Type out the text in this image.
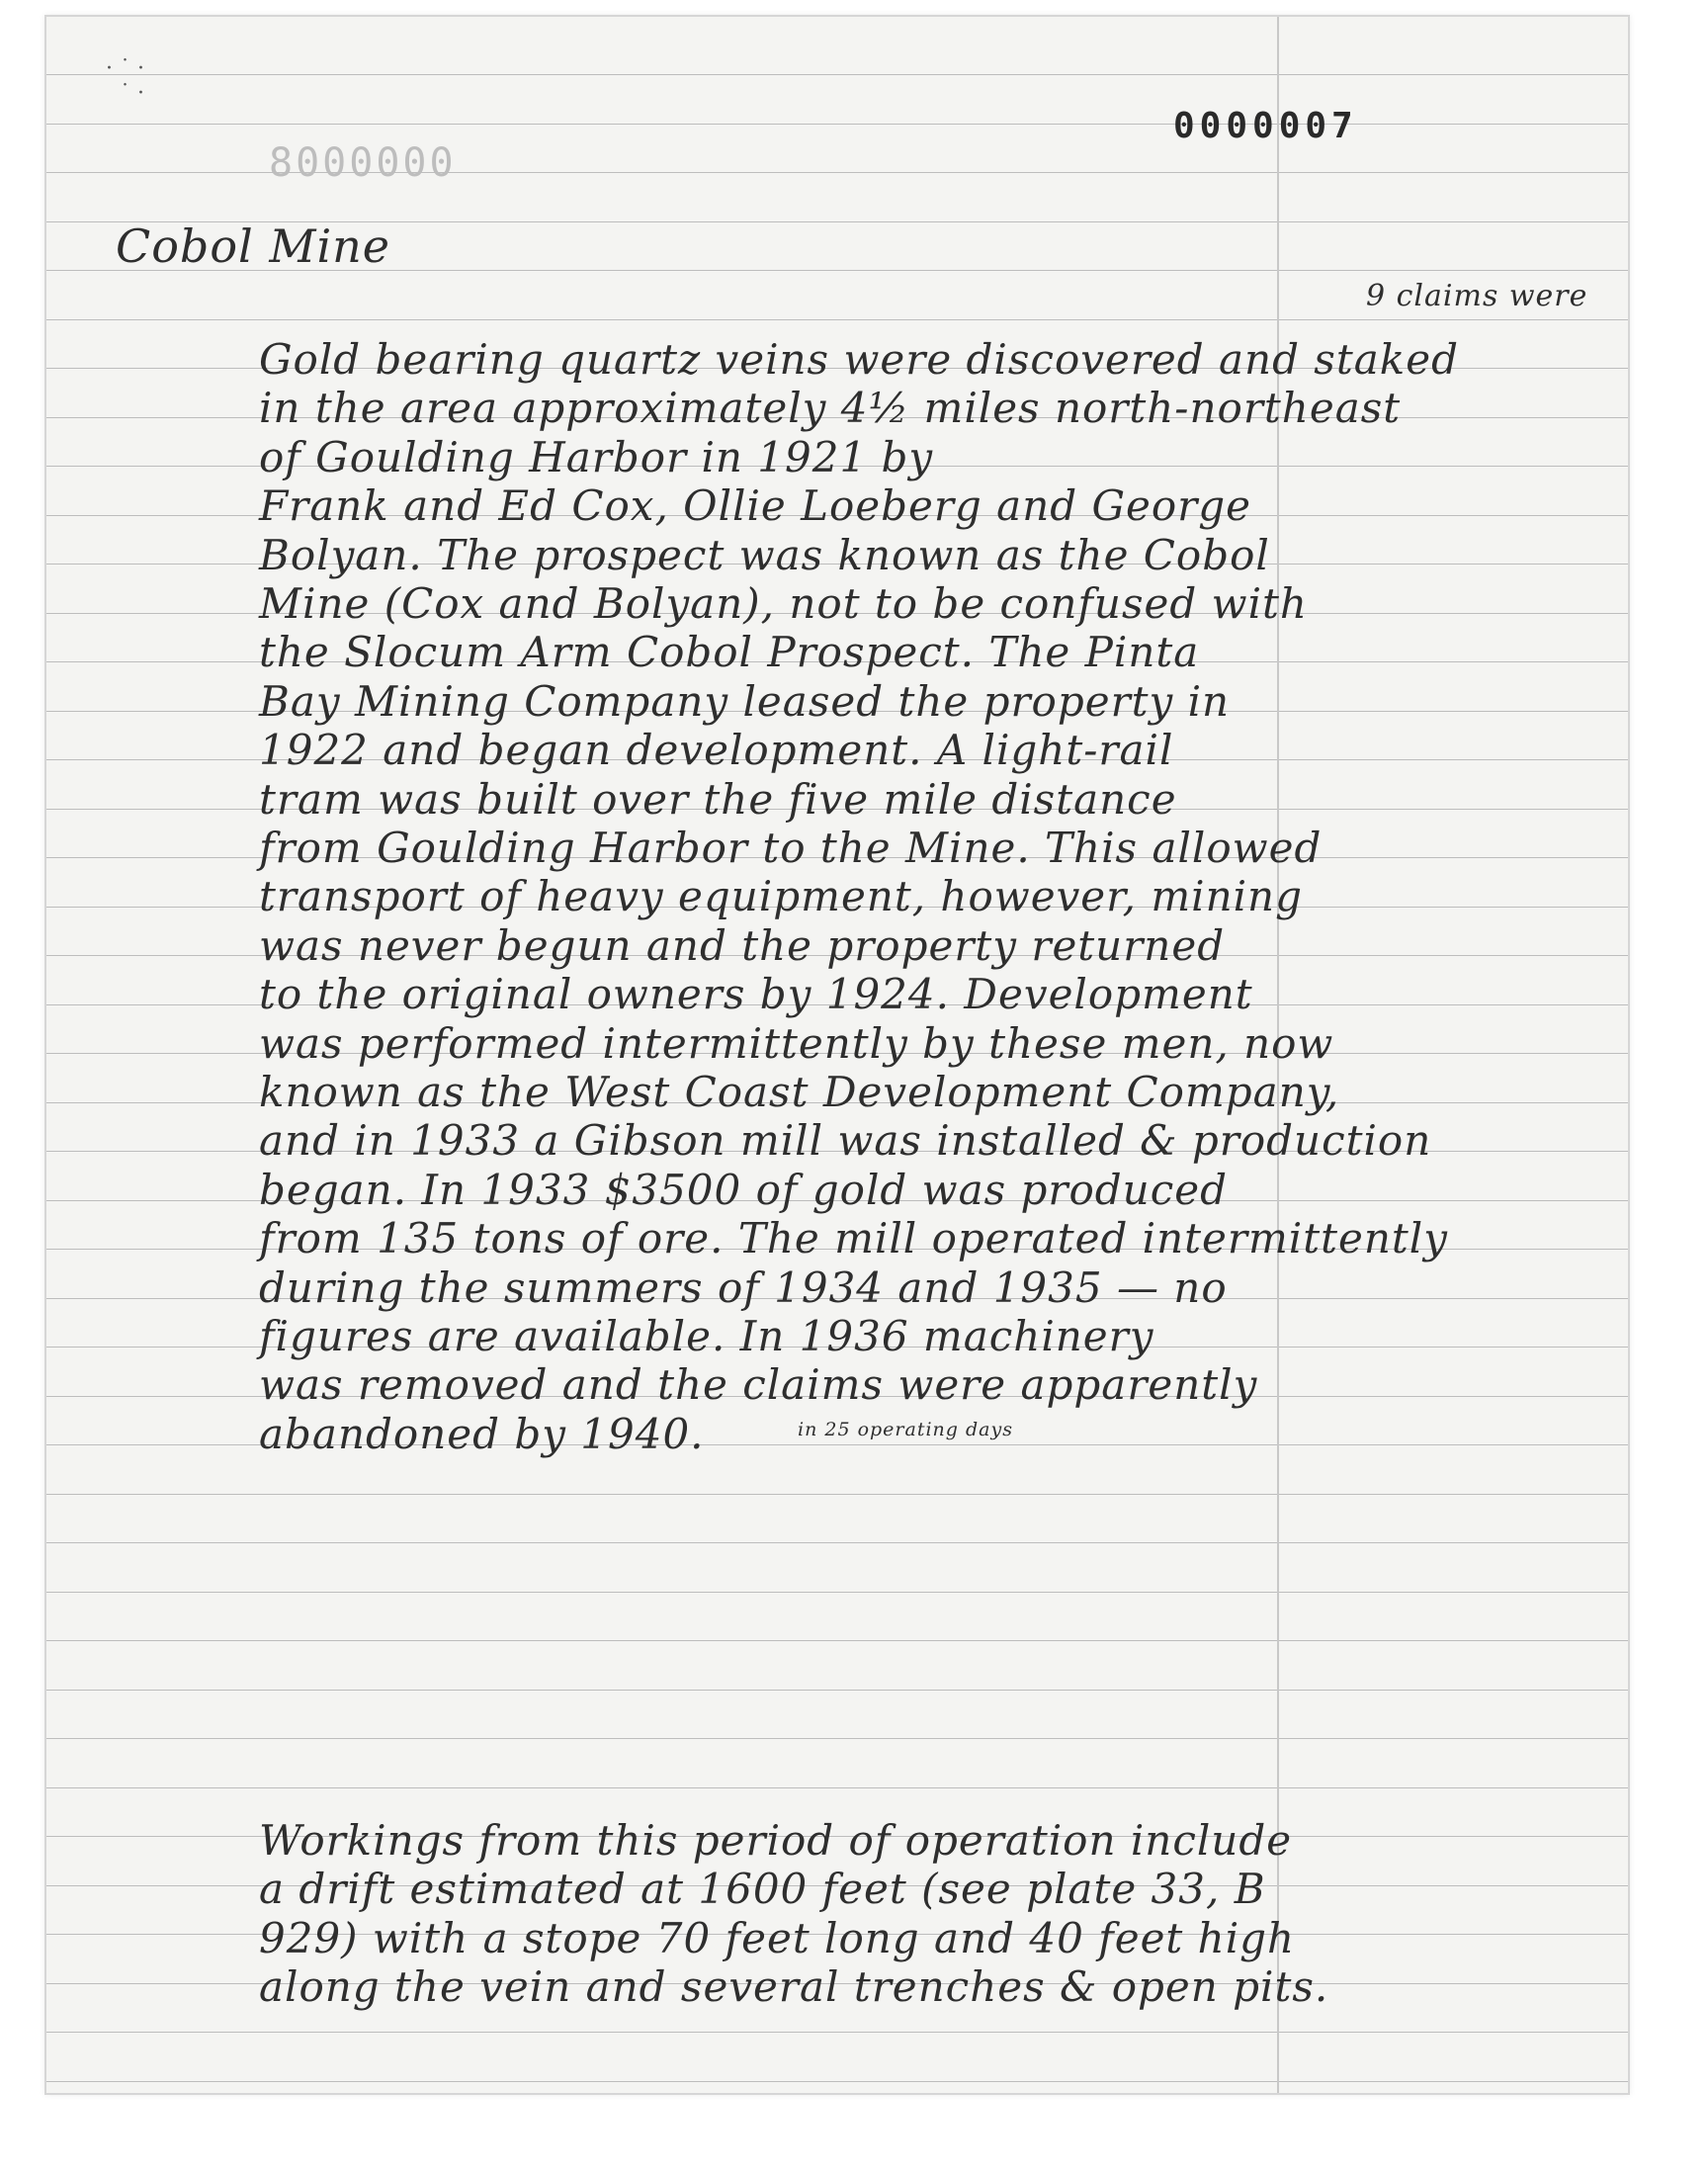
· ˙ ·
˙ ·
8000000
0000007
Cobol Mine
9 claims were
Gold bearing quartz veins were discovered and staked
in the area approximately 4½ miles north-northeast
of Goulding Harbor in 1921 by
Frank and Ed Cox, Ollie Loeberg and George
Bolyan. The prospect was known as the Cobol
Mine (Cox and Bolyan), not to be confused with
the Slocum Arm Cobol Prospect. The Pinta
Bay Mining Company leased the property in
1922 and began development. A light-rail
tram was built over the five mile distance
from Goulding Harbor to the Mine. This allowed
transport of heavy equipment, however, mining
was never begun and the property returned
to the original owners by 1924. Development
was performed intermittently by these men, now
known as the West Coast Development Company,
and in 1933 a Gibson mill was installed & production
began. In 1933 $3500 of gold was produced
from 135 tons of ore. The mill operated intermittently
during the summers of 1934 and 1935 — no
figures are available. In 1936 machinery
was removed and the claims were apparently
abandoned by 1940.	in 25 operating days
Workings from this period of operation include
a drift estimated at 1600 feet (see plate 33, B
929) with a stope 70 feet long and 40 feet high
along the vein and several trenches & open pits.
